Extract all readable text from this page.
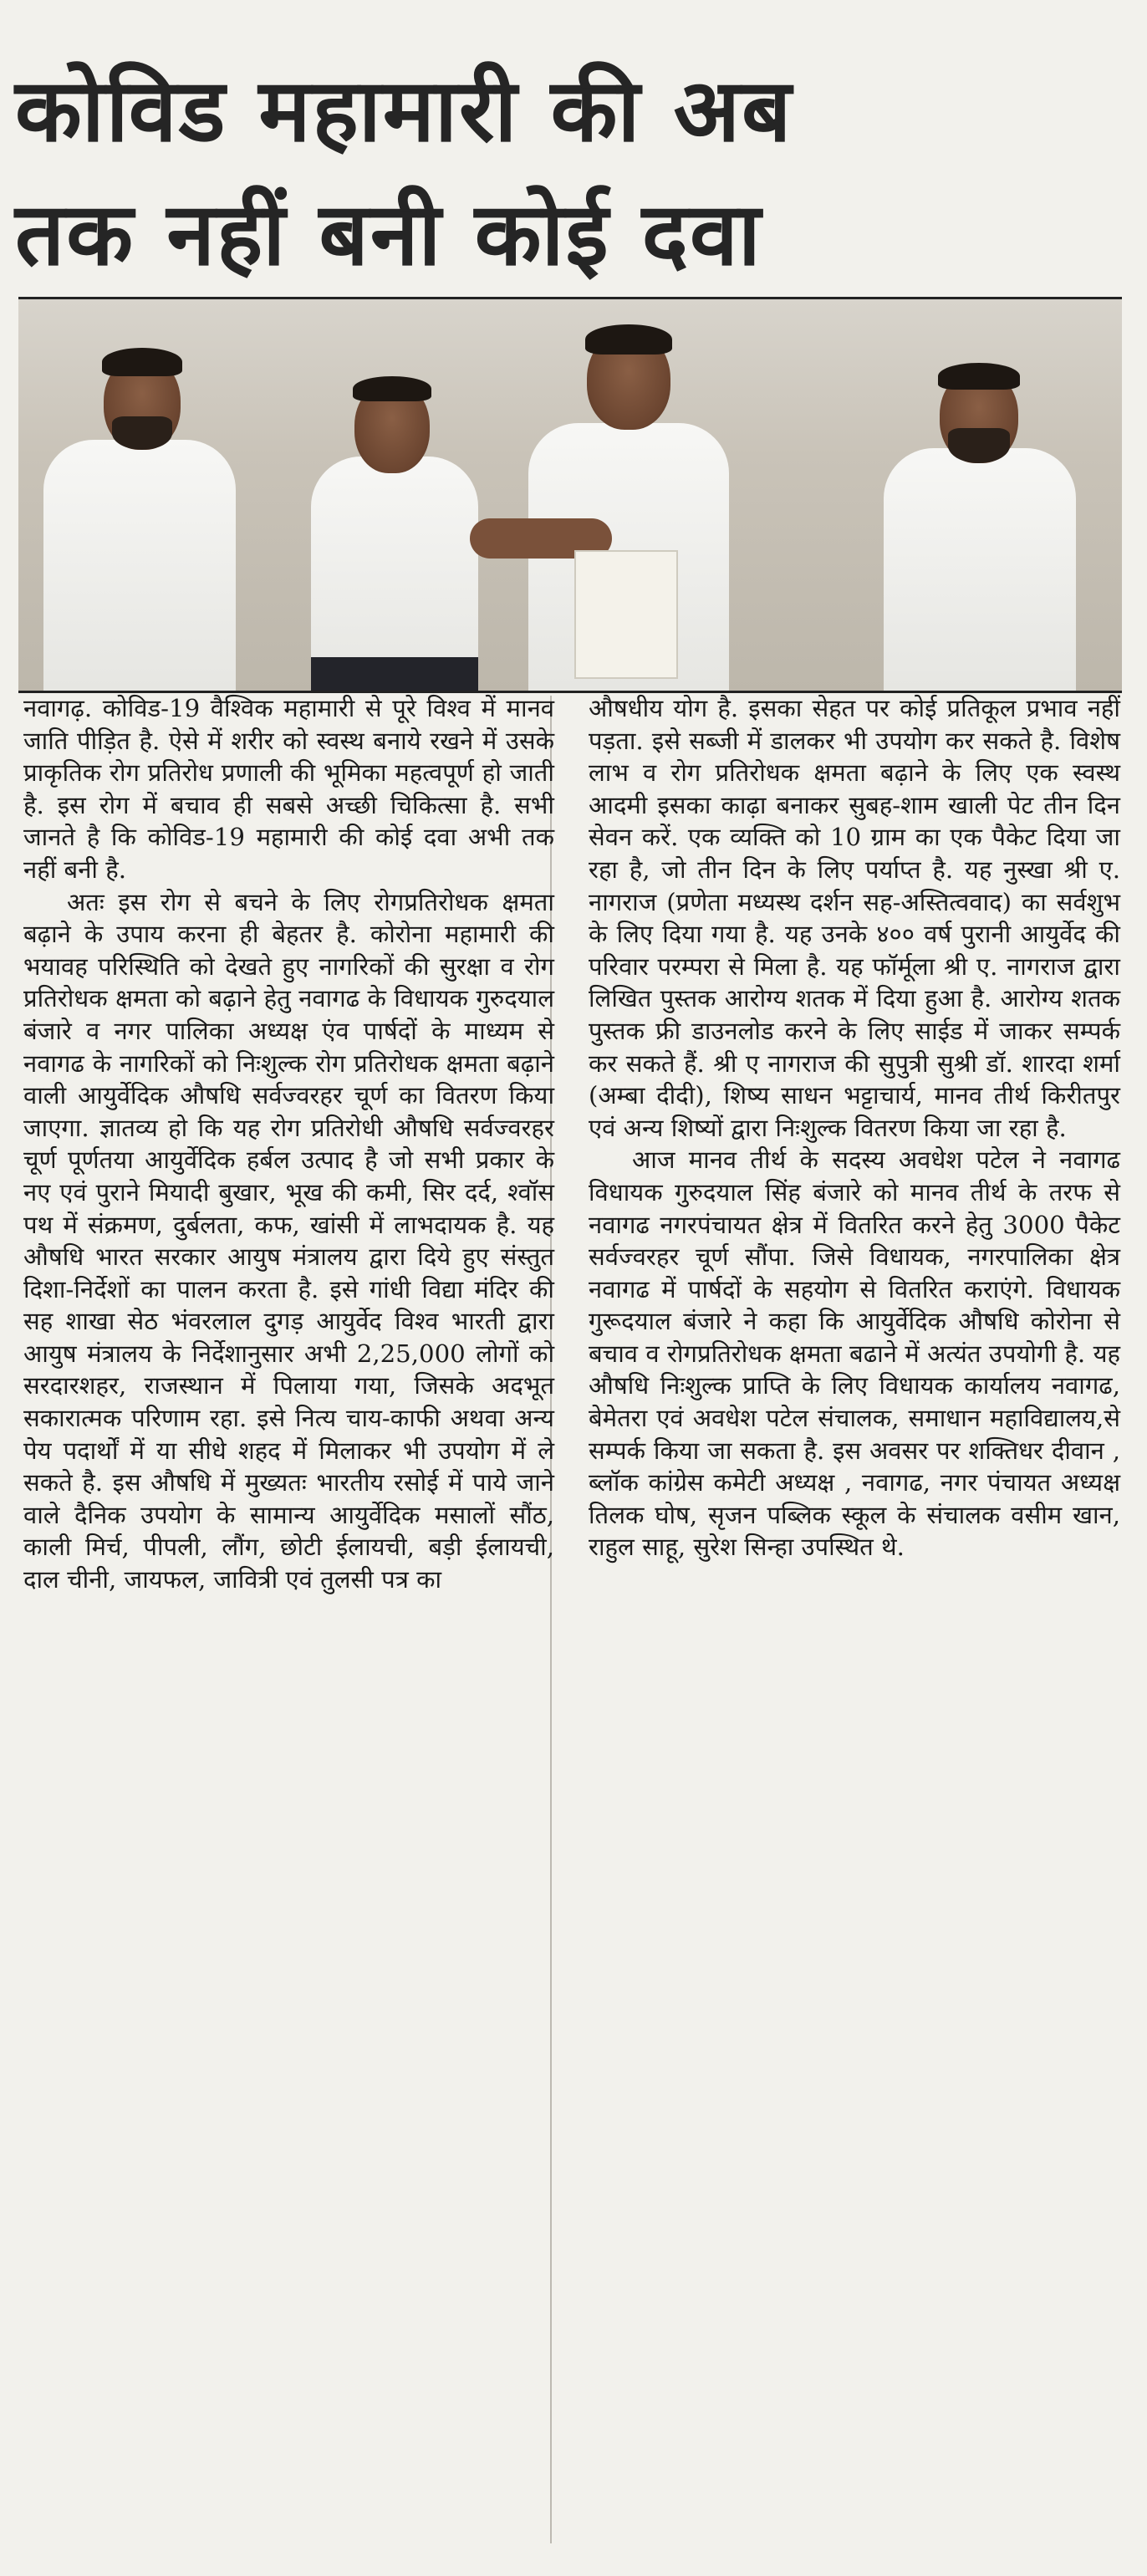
कोविड महामारी की अब
तक नहीं बनी कोई दवा

नवागढ़. कोविड-19 वैश्विक महामारी से पूरे विश्व में मानव जाति पीड़ित है. ऐसे में शरीर को स्वस्थ बनाये रखने में उसके प्राकृतिक रोग प्रतिरोध प्रणाली की भूमिका महत्वपूर्ण हो जाती है. इस रोग में बचाव ही सबसे अच्छी चिकित्सा है. सभी जानते है कि कोविड-19 महामारी की कोई दवा अभी तक नहीं बनी है.

अतः इस रोग से बचने के लिए रोगप्रतिरोधक क्षमता बढ़ाने के उपाय करना ही बेहतर है. कोरोना महामारी की भयावह परिस्थिति को देखते हुए नागरिकों की सुरक्षा व रोग प्रतिरोधक क्षमता को बढ़ाने हेतु नवागढ के विधायक गुरुदयाल बंजारे व नगर पालिका अध्यक्ष एंव पार्षदों के माध्यम से नवागढ के नागरिकों को निःशुल्क रोग प्रतिरोधक क्षमता बढ़ाने वाली आयुर्वेदिक औषधि सर्वज्वरहर चूर्ण का वितरण किया जाएगा. ज्ञातव्य हो कि यह रोग प्रतिरोधी औषधि सर्वज्वरहर चूर्ण पूर्णतया आयुर्वेदिक हर्बल उत्पाद है जो सभी प्रकार के नए एवं पुराने मियादी बुखार, भूख की कमी, सिर दर्द, श्वॉस पथ में संक्रमण, दुर्बलता, कफ, खांसी में लाभदायक है. यह औषधि भारत सरकार आयुष मंत्रालय द्वारा दिये हुए संस्तुत दिशा-निर्देशों का पालन करता है. इसे गांधी विद्या मंदिर की सह शाखा सेठ भंवरलाल दुगड़ आयुर्वेद विश्व भारती द्वारा आयुष मंत्रालय के निर्देशानुसार अभी 2,25,000 लोगों को सरदारशहर, राजस्थान में पिलाया गया, जिसके अदभूत सकारात्मक परिणाम रहा. इसे नित्य चाय-काफी अथवा अन्य पेय पदार्थों में या सीधे शहद में मिलाकर भी उपयोग में ले सकते है. इस औषधि में मुख्यतः भारतीय रसोई में पाये जाने वाले दैनिक उपयोग के सामान्य आयुर्वेदिक मसालों सौंठ, काली मिर्च, पीपली, लौंग, छोटी ईलायची, बड़ी ईलायची, दाल चीनी, जायफल, जावित्री एवं तुलसी पत्र का

औषधीय योग है. इसका सेहत पर कोई प्रतिकूल प्रभाव नहीं पड़ता. इसे सब्जी में डालकर भी उपयोग कर सकते है. विशेष लाभ व रोग प्रतिरोधक क्षमता बढ़ाने के लिए एक स्वस्थ आदमी इसका काढ़ा बनाकर सुबह-शाम खाली पेट तीन दिन सेवन करें. एक व्यक्ति को 10 ग्राम का एक पैकेट दिया जा रहा है, जो तीन दिन के लिए पर्याप्त है. यह नुस्खा श्री ए. नागराज (प्रणेता मध्यस्थ दर्शन सह-अस्तित्ववाद) का सर्वशुभ के लिए दिया गया है. यह उनके ४०० वर्ष पुरानी आयुर्वेद की परिवार परम्परा से मिला है. यह फॉर्मूला श्री ए. नागराज द्वारा लिखित पुस्तक आरोग्य शतक में दिया हुआ है. आरोग्य शतक पुस्तक फ्री डाउनलोड करने के लिए साईड में जाकर सम्पर्क कर सकते हैं. श्री ए नागराज की सुपुत्री सुश्री डॉ. शारदा शर्मा (अम्बा दीदी), शिष्य साधन भट्टाचार्य, मानव तीर्थ किरीतपुर एवं अन्य शिष्यों द्वारा निःशुल्क वितरण किया जा रहा है.

आज मानव तीर्थ के सदस्य अवधेश पटेल ने नवागढ विधायक गुरुदयाल सिंह बंजारे को मानव तीर्थ के तरफ से नवागढ नगरपंचायत क्षेत्र में वितरित करने हेतु 3000 पैकेट सर्वज्वरहर चूर्ण सौंपा. जिसे विधायक, नगरपालिका क्षेत्र नवागढ में पार्षदों के सहयोग से वितरित कराएंगे. विधायक गुरूदयाल बंजारे ने कहा कि आयुर्वेदिक औषधि कोरोना से बचाव व रोगप्रतिरोधक क्षमता बढाने में अत्यंत उपयोगी है. यह औषधि निःशुल्क प्राप्ति के लिए विधायक कार्यालय नवागढ, बेमेतरा एवं अवधेश पटेल संचालक, समाधान महाविद्यालय,से सम्पर्क किया जा सकता है. इस अवसर पर शक्तिधर दीवान , ब्लॉक कांग्रेस कमेटी अध्यक्ष , नवागढ, नगर पंचायत अध्यक्ष तिलक घोष, सृजन पब्लिक स्कूल के संचालक वसीम खान, राहुल साहू, सुरेश सिन्हा उपस्थित थे.
